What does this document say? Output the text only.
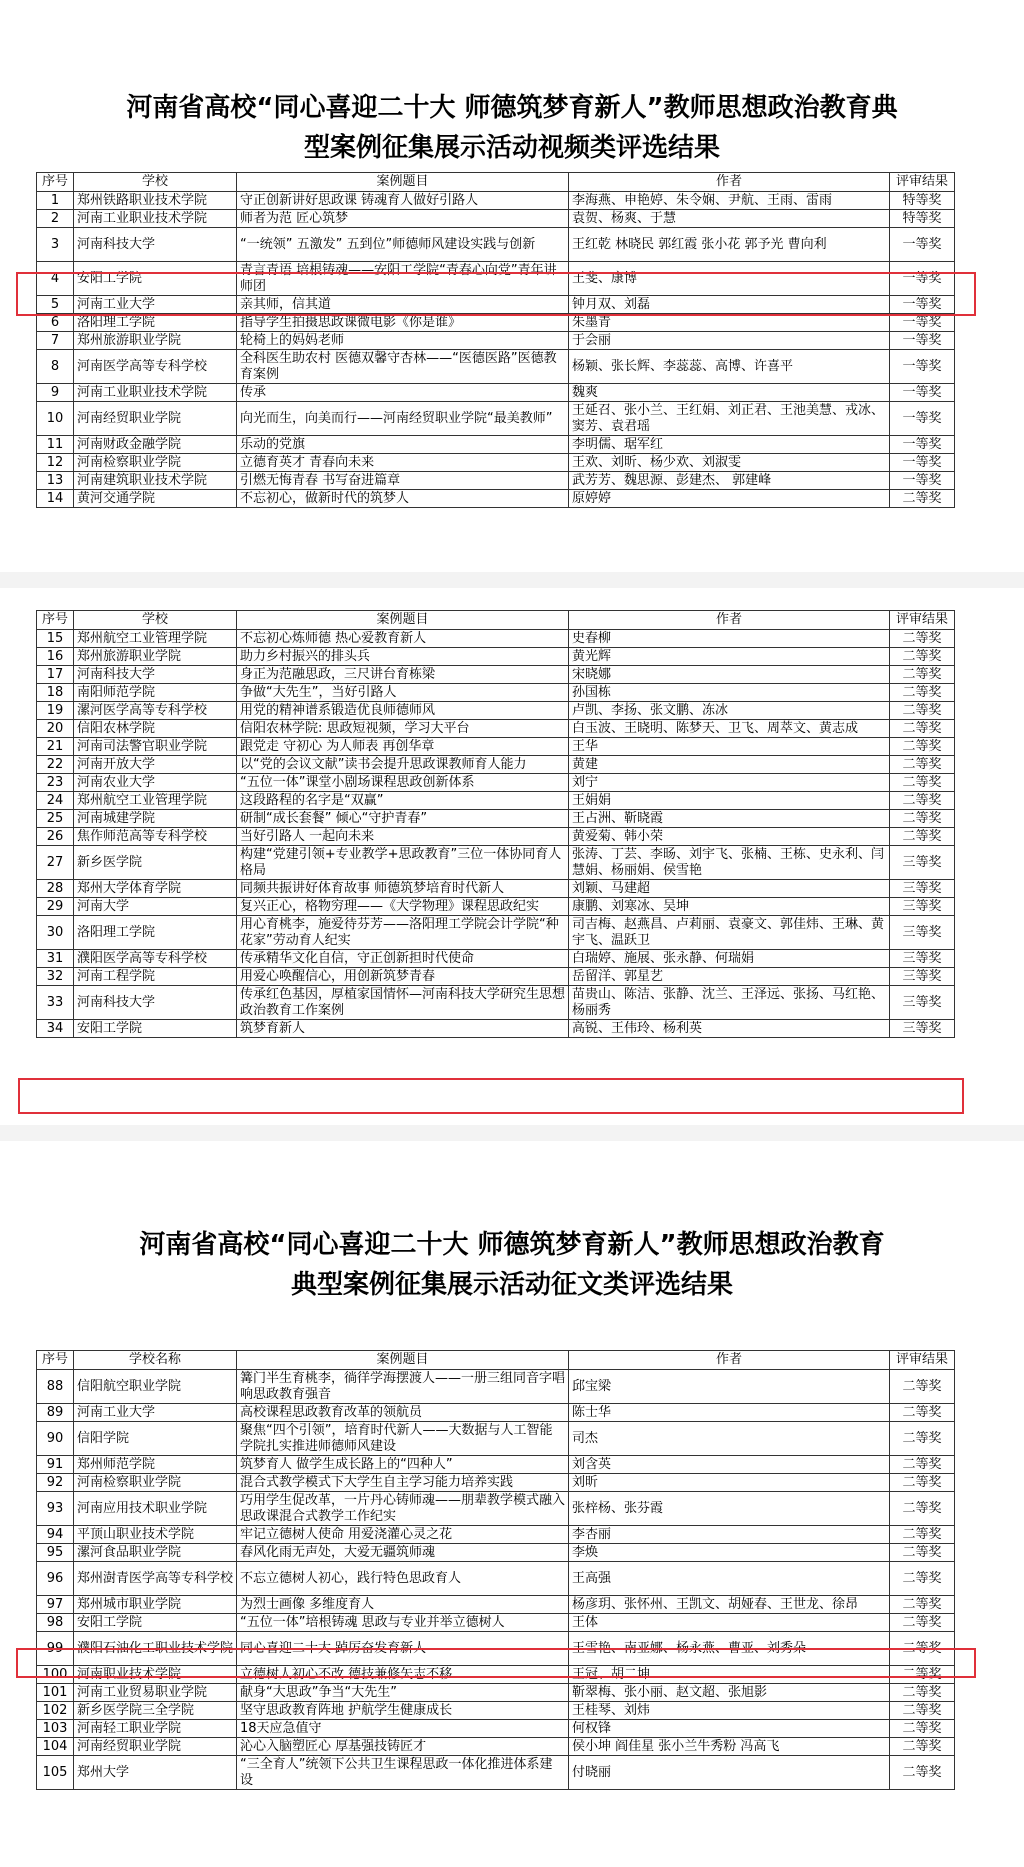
河南省高校“同心喜迎二十大 师德筑梦育新人”教师思想政治教育典
型案例征集展示活动视频类评选结果
序号	学校	案例题目	作者	评审结果
1	郑州铁路职业技术学院	守正创新讲好思政课 铸魂育人做好引路人	李海燕、申艳婷、朱令娴、尹航、王雨、雷雨	特等奖
2	河南工业职业技术学院	师者为范 匠心筑梦	袁贺、杨爽、于慧	特等奖
3	河南科技大学	“一统领” 五激发” 五到位”师德师风建设实践与创新	王红乾 林晓民 郭红霞 张小花 郭予光 曹向利	一等奖
4	安阳工学院	青言青语 培根铸魂——安阳工学院“青春心向党”青年讲师团	王斐、康博	一等奖
5	河南工业大学	亲其师，信其道	钟月双、刘磊	一等奖
6	洛阳理工学院	指导学生拍摄思政课微电影《你是谁》	朱墨青	一等奖
7	郑州旅游职业学院	轮椅上的妈妈老师	于会丽	一等奖
8	河南医学高等专科学校	全科医生助农村 医德双馨守杏林——“医德医路”医德教育案例	杨颖、张长辉、李蕊蕊、高博、许喜平	一等奖
9	河南工业职业技术学院	传承	魏爽	一等奖
10	河南经贸职业学院	向光而生，向美而行——河南经贸职业学院“最美教师”	王延召、张小兰、王红娟、刘正君、王池美慧、戎冰、窦芳、袁君瑶	一等奖
11	河南财政金融学院	乐动的党旗	李明儒、琚军红	一等奖
12	河南检察职业学院	立德育英才 青春向未来	王欢、刘昕、杨少欢、刘淑雯	一等奖
13	河南建筑职业技术学院	引燃无悔青春 书写奋进篇章	武芳芳、魏思源、彭建杰、 郭建峰	一等奖
14	黄河交通学院	不忘初心，做新时代的筑梦人	原婷婷	二等奖
序号	学校	案例题目	作者	评审结果
15	郑州航空工业管理学院	不忘初心炼师德 热心爱教育新人	史春柳	二等奖
16	郑州旅游职业学院	助力乡村振兴的排头兵	黄光辉	二等奖
17	河南科技大学	身正为范融思政，三尺讲台育栋梁	宋晓娜	二等奖
18	南阳师范学院	争做“大先生”，当好引路人	孙国栋	二等奖
19	漯河医学高等专科学校	用党的精神谱系锻造优良师德师风	卢凯、李扬、张文鹏、冻冰	二等奖
20	信阳农林学院	信阳农林学院: 思政短视频，学习大平台	白玉波、王晓明、陈梦天、卫飞、周萃文、黄志成	二等奖
21	河南司法警官职业学院	跟党走 守初心 为人师表 再创华章	王华	二等奖
22	河南开放大学	以“党的会议文献”读书会提升思政课教师育人能力	黄建	二等奖
23	河南农业大学	“五位一体”课堂小剧场课程思政创新体系	刘宁	二等奖
24	郑州航空工业管理学院	这段路程的名字是“双赢”	王娟娟	二等奖
25	河南城建学院	研制“成长套餐” 倾心“守护青春”	王占洲、靳晓霞	二等奖
26	焦作师范高等专科学校	当好引路人 一起向未来	黄爱菊、韩小荣	二等奖
27	新乡医学院	构建“党建引领+专业教学+思政教育”三位一体协同育人格局	张涛、丁芸、李旸、刘宇飞、张楠、王栋、史永利、闫慧娟、杨丽娟、侯雪艳	三等奖
28	郑州大学体育学院	同频共振讲好体育故事 师德筑梦培育时代新人	刘颖、马建超	三等奖
29	河南大学	复兴正心，格物穷理——《大学物理》课程思政纪实	康鹏、刘寒冰、吴坤	三等奖
30	洛阳理工学院	用心育桃李，施爱待芬芳——洛阳理工学院会计学院“种花家”劳动育人纪实	司吉梅、赵燕昌、卢莉丽、袁豪文、郭佳炜、王琳、黄宇飞、温跃卫	三等奖
31	濮阳医学高等专科学校	传承精华文化自信，守正创新担时代使命	白瑞婷、施展、张永静、何瑞娟	三等奖
32	河南工程学院	用爱心唤醒信心，用创新筑梦青春	岳留洋、郭星艺	三等奖
33	河南科技大学	传承红色基因，厚植家国情怀—河南科技大学研究生思想政治教育工作案例	苗贵山、陈洁、张静、沈兰、王泽远、张扬、马红艳、杨丽秀	三等奖
34	安阳工学院	筑梦育新人	高锐、王伟玲、杨利英	三等奖
河南省高校“同心喜迎二十大 师德筑梦育新人”教师思想政治教育
典型案例征集展示活动征文类评选结果
序号	学校名称	案例题目	作者	评审结果
88	信阳航空职业学院	篝门半生育桃李，徜徉学海摆渡人——一册三组同音字唱响思政教育强音	邱宝梁	二等奖
89	河南工业大学	高校课程思政教育改革的领航员	陈士华	二等奖
90	信阳学院	聚焦“四个引领”，培育时代新人——大数据与人工智能学院扎实推进师德师风建设	司杰	二等奖
91	郑州师范学院	筑梦育人 做学生成长路上的“四种人”	刘含英	二等奖
92	河南检察职业学院	混合式教学模式下大学生自主学习能力培养实践	刘昕	二等奖
93	河南应用技术职业学院	巧用学生促改革，一片丹心铸师魂——朋辈教学模式融入思政课混合式教学工作纪实	张梓杨、张芬霞	二等奖
94	平顶山职业技术学院	牢记立德树人使命 用爱浇灌心灵之花	李杏丽	二等奖
95	漯河食品职业学院	春风化雨无声处，大爱无疆筑师魂	李焕	二等奖
96	郑州澍青医学高等专科学校	不忘立德树人初心，践行特色思政育人	王高强	二等奖
97	郑州城市职业学院	为烈士画像 多维度育人	杨彦玥、张怀州、王凯文、胡娅春、王世龙、徐昂	二等奖
98	安阳工学院	“五位一体”培根铸魂 思政与专业并举立德树人	王体	二等奖
99	濮阳石油化工职业技术学院	同心喜迎二十大 踔厉奋发育新人	王雪艳、南亚娜、杨永燕、曹亚、刘秀朵	二等奖
100	河南职业技术学院	立德树人初心不改 德技兼修矢志不移	王冠、胡二坤	二等奖
101	河南工业贸易职业学院	献身“大思政”争当“大先生”	靳翠梅、张小丽、赵文超、张旭影	二等奖
102	新乡医学院三全学院	坚守思政教育阵地 护航学生健康成长	王桂琴、刘炜	二等奖
103	河南轻工职业学院	18天应急值守	何权锋	二等奖
104	河南经贸职业学院	沁心入脑塑匠心 厚基强技铸匠才	侯小坤 阎佳星 张小兰牛秀粉 冯高飞	二等奖
105	郑州大学	“三全育人”统领下公共卫生课程思政一体化推进体系建设	付晓丽	二等奖
